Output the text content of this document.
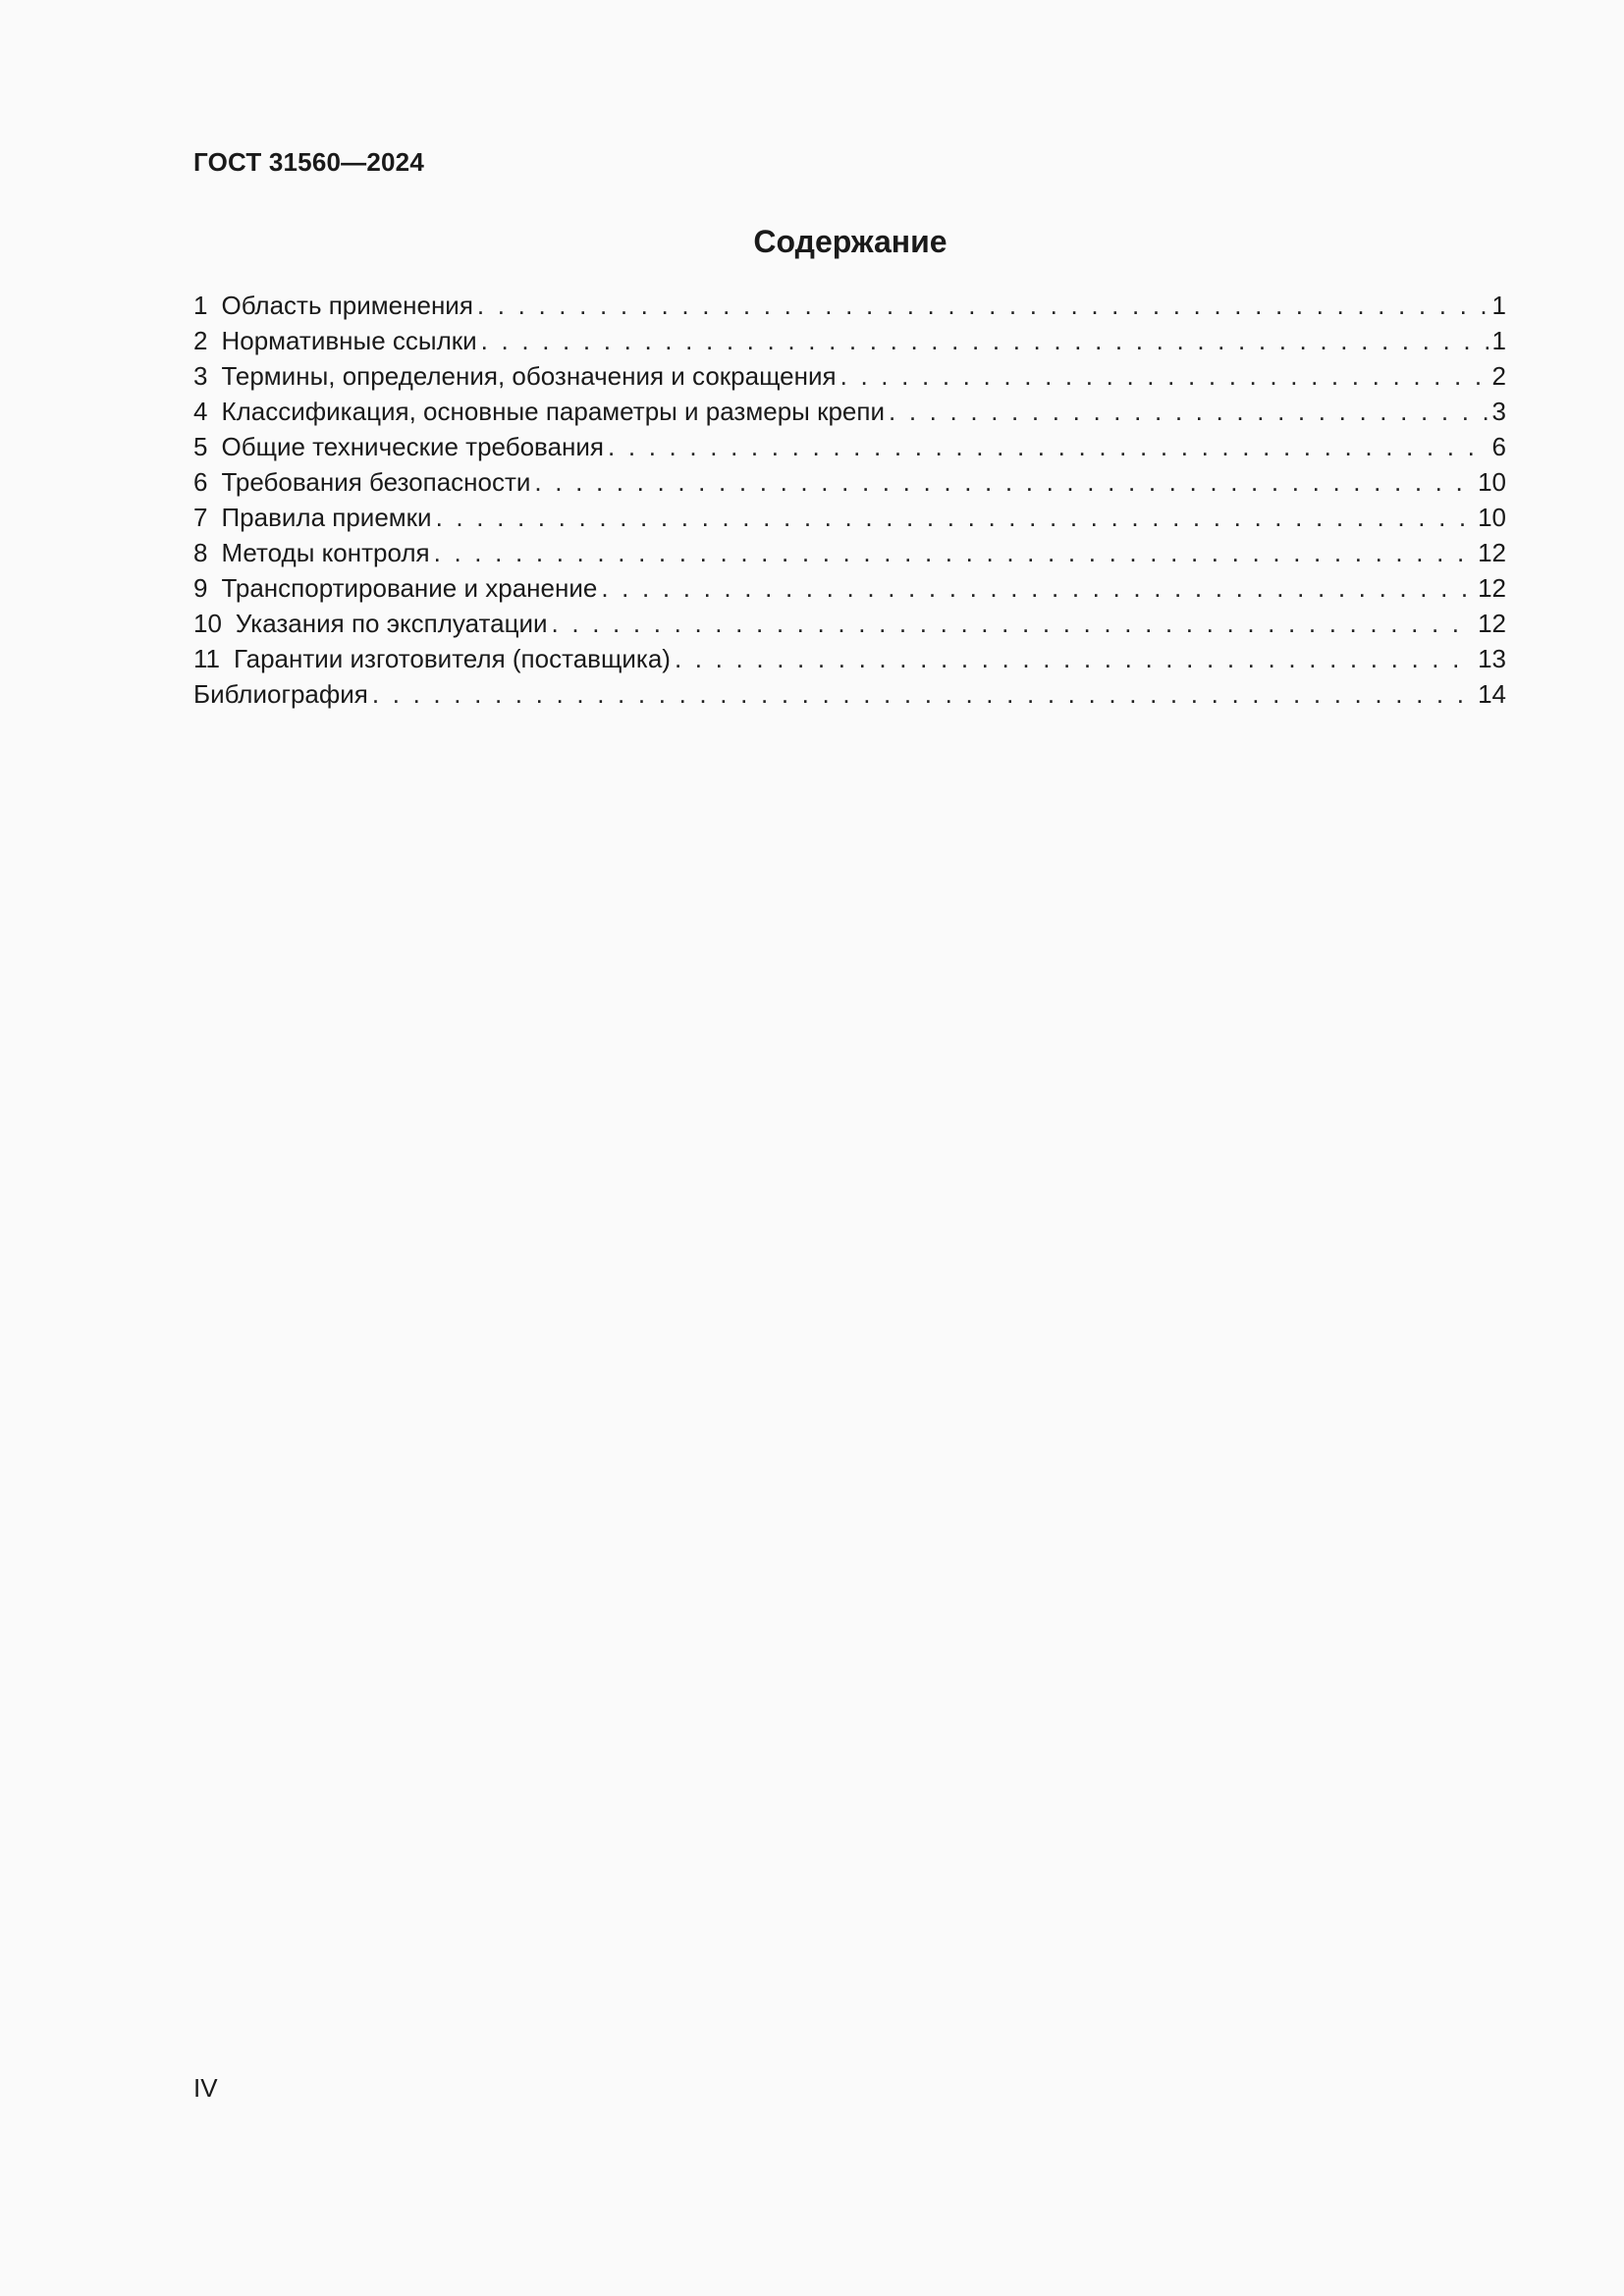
ГОСТ 31560—2024
Содержание
1 Область применения . . .	1
2 Нормативные ссылки . . .	1
3 Термины, определения, обозначения и сокращения . . .	2
4 Классификация, основные параметры и размеры крепи . . .	3
5 Общие технические требования . . .	6
6 Требования безопасности . . .	10
7 Правила приемки . . .	10
8 Методы контроля . . .	12
9 Транспортирование и хранение . . .	12
10 Указания по эксплуатации . . .	12
11 Гарантии изготовителя (поставщика) . . .	13
Библиография . . .	14
IV
